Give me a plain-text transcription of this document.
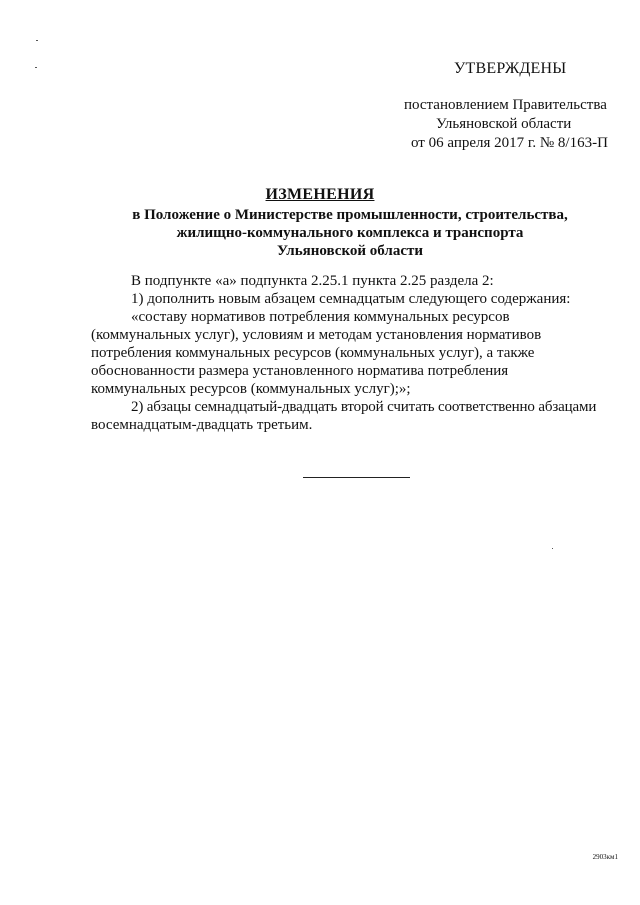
УТВЕРЖДЕНЫ
постановлением Правительства
Ульяновской области
от 06 апреля 2017 г. № 8/163-П
ИЗМЕНЕНИЯ
в Положение о Министерстве промышленности, строительства,
жилищно-коммунального комплекса и транспорта
Ульяновской области

В подпункте «а» подпункта 2.25.1 пункта 2.25 раздела 2:

1) дополнить новым абзацем семнадцатым следующего содержания:

«составу нормативов потребления коммунальных ресурсов

(коммунальных услуг), условиям и методам установления нормативов

потребления коммунальных ресурсов (коммунальных услуг), а также

обоснованности размера установленного норматива потребления

коммунальных ресурсов (коммунальных услуг);»;

2) абзацы семнадцатый-двадцать второй считать соответственно абзацами

восемнадцатым-двадцать третьим.

2903км1
